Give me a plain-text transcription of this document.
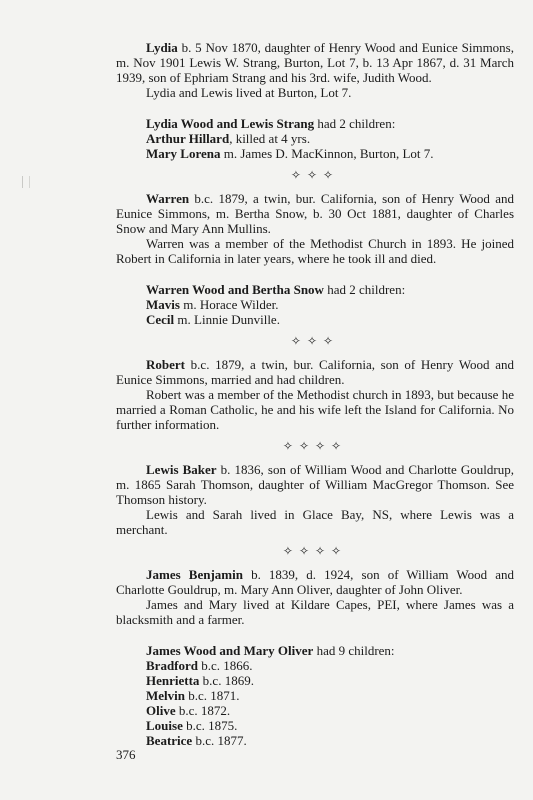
Lydia b. 5 Nov 1870, daughter of Henry Wood and Eunice Simmons, m. Nov 1901 Lewis W. Strang, Burton, Lot 7, b. 13 Apr 1867, d. 31 March 1939, son of Ephriam Strang and his 3rd. wife, Judith Wood.

Lydia and Lewis lived at Burton, Lot 7.

Lydia Wood and Lewis Strang had 2 children:

Arthur Hillard, killed at 4 yrs.
Mary Lorena m. James D. MacKinnon, Burton, Lot 7.
✧✧✧

Warren b.c. 1879, a twin, bur. California, son of Henry Wood and Eunice Simmons, m. Bertha Snow, b. 30 Oct 1881, daughter of Charles Snow and Mary Ann Mullins.

Warren was a member of the Methodist Church in 1893. He joined Robert in California in later years, where he took ill and died.

Warren Wood and Bertha Snow had 2 children:

Mavis m. Horace Wilder.
Cecil m. Linnie Dunville.
✧✧✧

Robert b.c. 1879, a twin, bur. California, son of Henry Wood and Eunice Simmons, married and had children.

Robert was a member of the Methodist church in 1893, but because he married a Roman Catholic, he and his wife left the Island for California. No further information.

✧✧✧✧

Lewis Baker b. 1836, son of William Wood and Charlotte Gouldrup, m. 1865 Sarah Thomson, daughter of William MacGregor Thomson. See Thomson history.

Lewis and Sarah lived in Glace Bay, NS, where Lewis was a merchant.

✧✧✧✧

James Benjamin b. 1839, d. 1924, son of William Wood and Charlotte Gouldrup, m. Mary Ann Oliver, daughter of John Oliver.

James and Mary lived at Kildare Capes, PEI, where James was a blacksmith and a farmer.

James Wood and Mary Oliver had 9 children:

Bradford b.c. 1866.
Henrietta b.c. 1869.
Melvin b.c. 1871.
Olive b.c. 1872.
Louise b.c. 1875.
Beatrice b.c. 1877.
376
